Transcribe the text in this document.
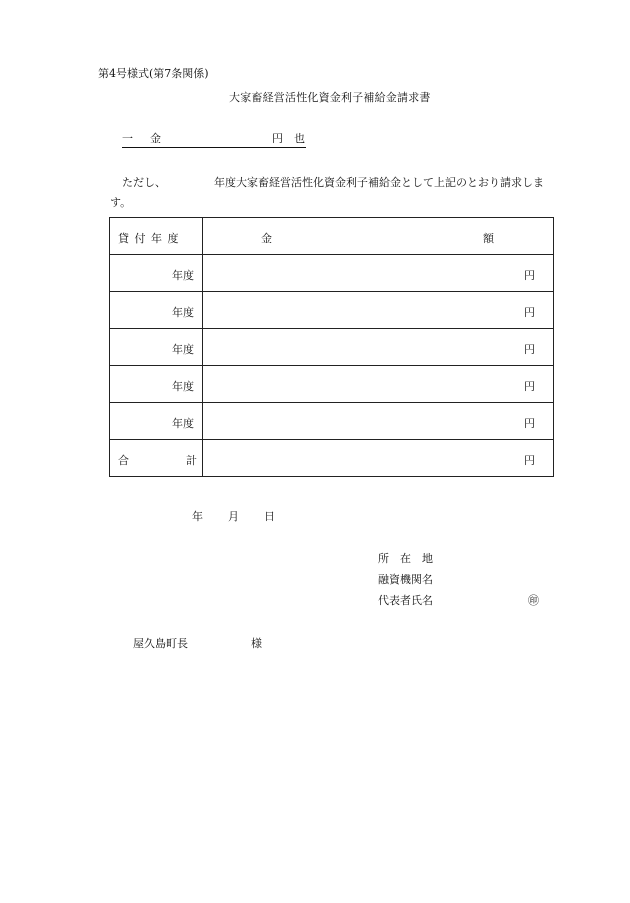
第4号様式(第7条関係)
大家畜経営活性化資金利子補給金請求書
一 金	円 也
ただし、	年度大家畜経営活性化資金利子補給金として上記のとおり請求しま
す。
貸 付 年 度	金 額

年度	円

年度	円

年度	円

年度	円

年度	円

合 計	円
年 月 日
所　在　地
融資機関名
代表者氏名	㊞
屋久島町長	様
